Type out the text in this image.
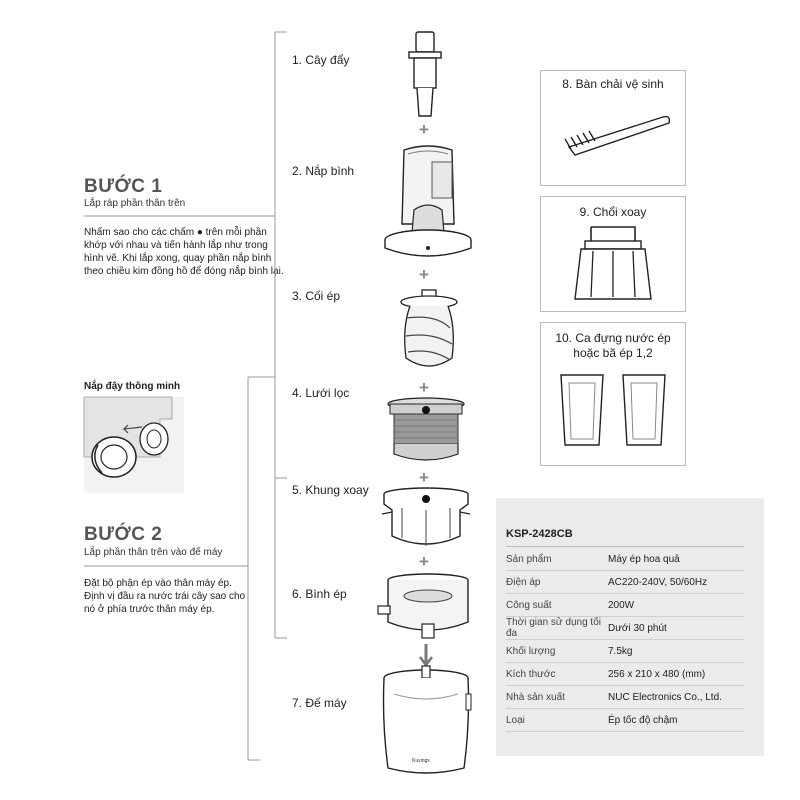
BƯỚC 1
Lắp ráp phần thân trên
Nhấm sao cho các chấm ● trên mỗi phần khớp với nhau và tiến hành lắp như trong hình vẽ. Khi lắp xong, quay phần nắp bình theo chiều kim đồng hồ để đóng nắp bình lại.
Nắp đậy thông minh
BƯỚC 2
Lắp phần thân trên vào đế máy
Đặt bộ phận ép vào thân máy ép. Định vị đầu ra nước trái cây sao cho nó ở phía trước thân máy ép.
1. Cây đẩy
2. Nắp bình
3. Cối ép
4. Lưới lọc
5. Khung xoay
6. Bình ép
7. Đế máy
+
+
+
+
+
Kuvings
8. Bàn chải vệ sinh
9. Chổi xoay
10. Ca đựng nước ép hoặc bã ép 1,2
KSP-2428CB
Sản phẩm	Máy ép hoa quả
Điện áp	AC220-240V, 50/60Hz
Công suất	200W
Thời gian sử dụng tối đa	Dưới 30 phút
Khối lượng	7.5kg
Kích thước	256 x 210 x 480 (mm)
Nhà sản xuất	NUC Electronics Co., Ltd.
Loại	Ép tốc độ chậm
